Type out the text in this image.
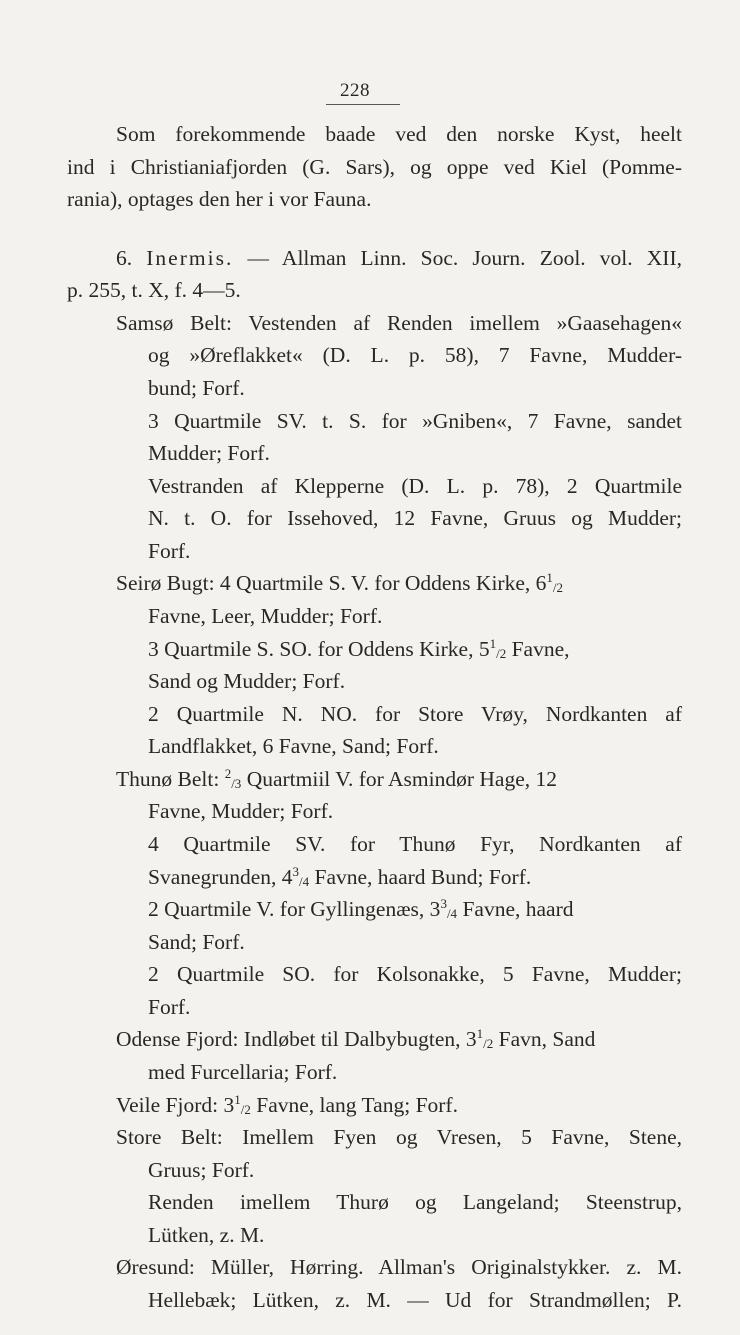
228
Som forekommende baade ved den norske Kyst, heelt
ind i Christianiafjorden (G. Sars), og oppe ved Kiel (Pomme-
rania), optages den her i vor Fauna.
6. Inermis. — Allman Linn. Soc. Journ. Zool. vol. XII,
p. 255, t. X, f. 4—5.
Samsø Belt: Vestenden af Renden imellem »Gaasehagen«
og »Øreflakket« (D. L. p. 58), 7 Favne, Mudder-
bund; Forf.
3 Quartmile SV. t. S. for »Gniben«, 7 Favne, sandet
Mudder; Forf.
Vestranden af Klepperne (D. L. p. 78), 2 Quartmile
N. t. O. for Issehoved, 12 Favne, Gruus og Mudder;
Forf.
Seirø Bugt: 4 Quartmile S. V. for Oddens Kirke, $6^1_{/2}$
Favne, Leer, Mudder; Forf.
3 Quartmile S. SO. for Oddens Kirke, $5^1_{/2}$ Favne,
Sand og Mudder; Forf.
2 Quartmile N. NO. for Store Vrøy, Nordkanten af
Landflakket, 6 Favne, Sand; Forf.
Thunø Belt: $^2_{/3}$ Quartmiil V. for Asmindør Hage, 12
Favne, Mudder; Forf.
4 Quartmile SV. for Thunø Fyr, Nordkanten af
Svanegrunden, $4^3_{/4}$ Favne, haard Bund; Forf.
2 Quartmile V. for Gyllingenæs, $3^3_{/4}$ Favne, haard
Sand; Forf.
2 Quartmile SO. for Kolsonakke, 5 Favne, Mudder;
Forf.
Odense Fjord: Indløbet til Dalbybugten, $3^1_{/2}$ Favn, Sand
med Furcellaria; Forf.
Veile Fjord: $3^1_{/2}$ Favne, lang Tang; Forf.
Store Belt: Imellem Fyen og Vresen, 5 Favne, Stene,
Gruus; Forf.
Renden imellem Thurø og Langeland; Steenstrup,
Lütken, z. M.
Øresund: Müller, Hørring. Allman's Originalstykker. z. M.
Hellebæk; Lütken, z. M. — Ud for Strandmøllen; P.
